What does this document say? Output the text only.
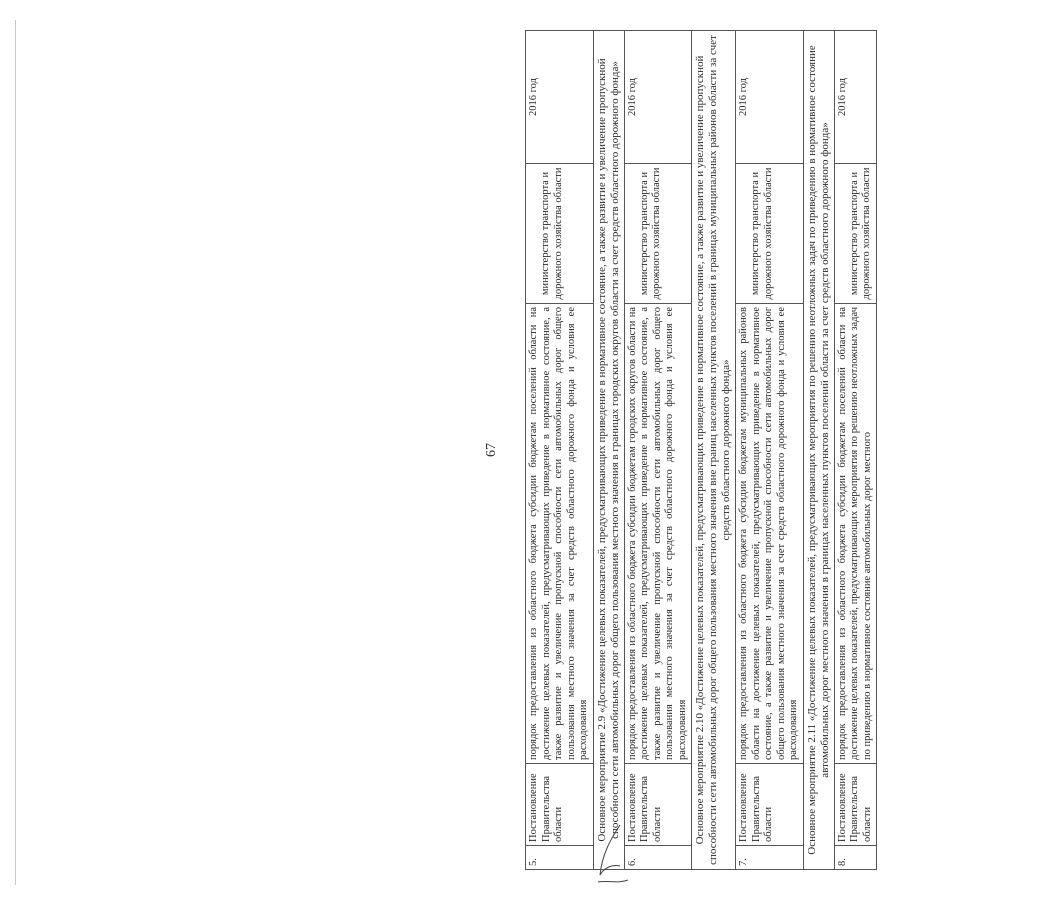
67
5.	Постановление Правительства области	порядок предоставления из областного бюджета субсидии бюджетам поселений области на достижение целевых показателей, предусматривающих приведение в нормативное состояние, а также развитие и увеличение пропускной способности сети автомобильных дорог общего пользования местного значения за счет средств областного дорожного фонда и условия ее расходования	министерство транспорта и дорожного хозяйства области	2016 год
Основное мероприятие 2.9 «Достижение целевых показателей, предусматривающих приведение в нормативное состояние, а также развитие и увеличение пропускной способности сети автомобильных дорог общего пользования местного значения в границах городских округов области за счет средств областного дорожного фонда»				
6.	Постановление Правительства области	порядок предоставления из областного бюджета субсидии бюджетам городских округов области на достижение целевых показателей, предусматривающих приведение в нормативное состояние, а также развитие и увеличение пропускной способности сети автомобильных дорог общего пользования местного значения за счет средств областного дорожного фонда и условия ее расходования	министерство транспорта и дорожного хозяйства области	2016 год
Основное мероприятие 2.10 «Достижение целевых показателей, предусматривающих приведение в нормативное состояние, а также развитие и увеличение пропускной способности сети автомобильных дорог общего пользования местного значения вне границ населенных пунктов поселений в границах муниципальных районов области за счет средств областного дорожного фонда»				
7.	Постановление Правительства области	порядок предоставления из областного бюджета субсидии бюджетам муниципальных районов области на достижение целевых показателей, предусматривающих приведение в нормативное состояние, а также развитие и увеличение пропускной способности сети автомобильных дорог общего пользования местного значения за счет средств областного дорожного фонда и условия ее расходования	министерство транспорта и дорожного хозяйства области	2016 год
Основное мероприятие 2.11 «Достижение целевых показателей, предусматривающих мероприятия по решению неотложных задач по приведению в нормативное состояние автомобильных дорог местного значения в границах населенных пунктов поселений области за счет средств областного дорожного фонда»				
8.	Постановление Правительства области	порядок предоставления из областного бюджета субсидии бюджетам поселений области на достижение целевых показателей, предусматривающих мероприятия по решению неотложных задач по приведению в нормативное состояние автомобильных дорог местного	министерство транспорта и дорожного хозяйства области	2016 год
